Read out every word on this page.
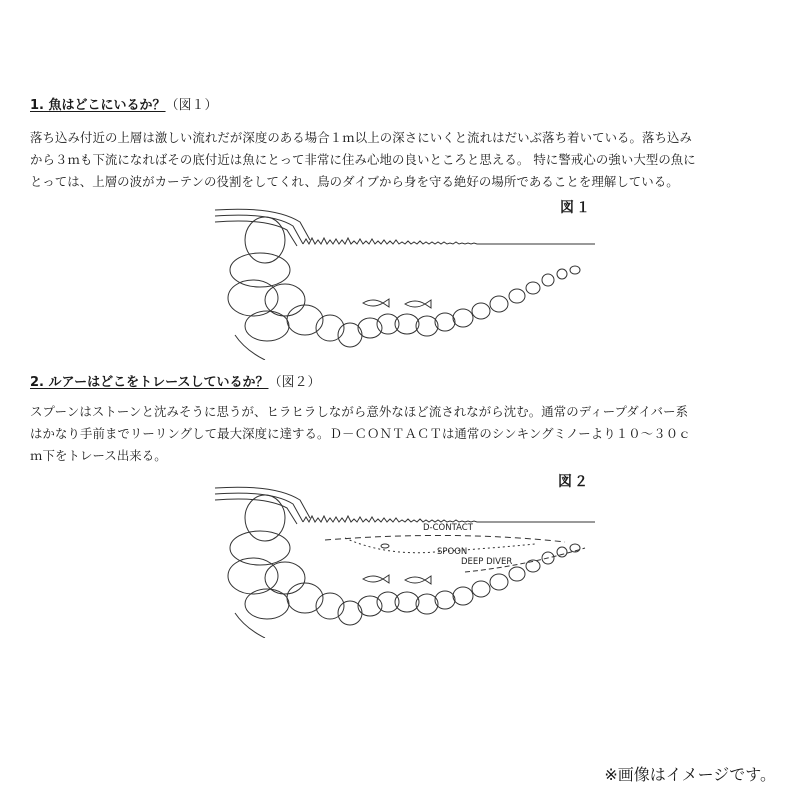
1. 魚はどこにいるか？（図１）
落ち込み付近の上層は激しい流れだが深度のある場合１ｍ以上の深さにいくと流れはだいぶ落ち着いている。落ち込み
から３ｍも下流になればその底付近は魚にとって非常に住み心地の良いところと思える。 特に警戒心の強い大型の魚に
とっては、上層の波がカーテンの役割をしてくれ、鳥のダイブから身を守る絶好の場所であることを理解している。
図１
2. ルアーはどこをトレースしているか？（図２）
スプーンはストーンと沈みそうに思うが、ヒラヒラしながら意外なほど流されながら沈む。通常のディープダイバー系
はかなり手前までリーリングして最大深度に達する。Ｄ－ＣＯＮＴＡＣＴは通常のシンキングミノーより１０～３０ｃ
ｍ下をトレース出来る。
図２
D-CONTACT
SPOON
DEEP DIVER
※画像はイメージです。
